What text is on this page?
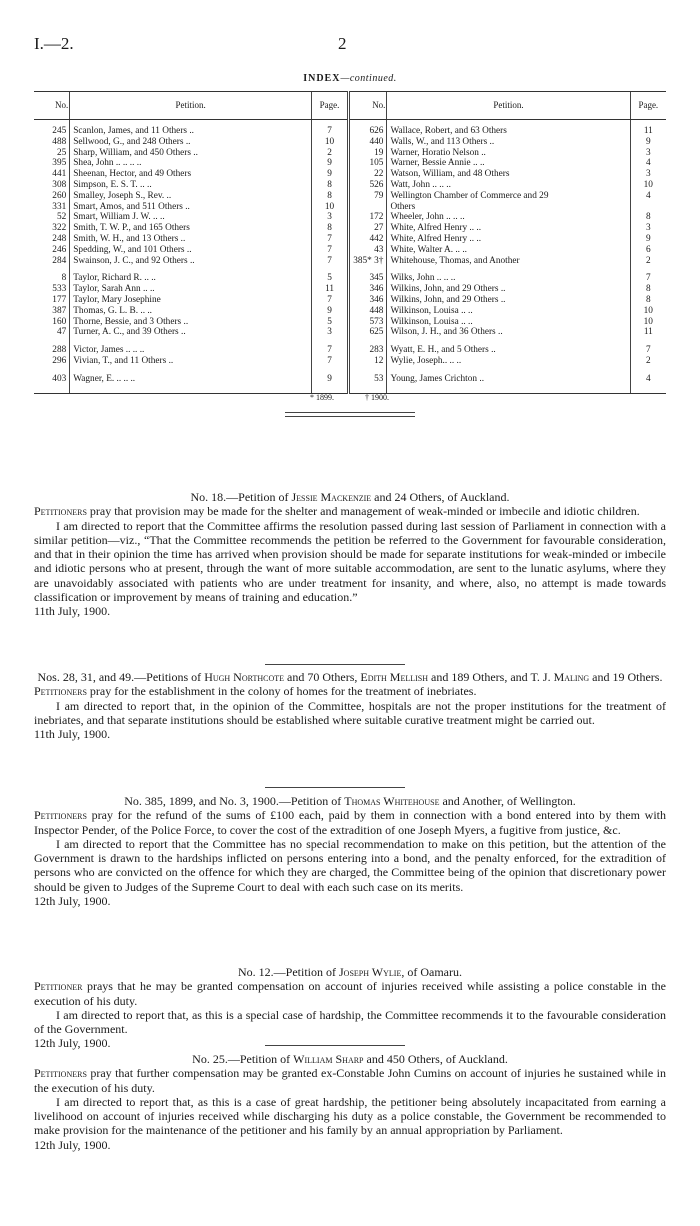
I.—2.	2
INDEX—continued.
No.	Petition.	Page.	No.	Petition.	Page.
245	Scanlon, James, and 11 Others ..	7	626	Wallace, Robert, and 63 Others	11
488	Sellwood, G., and 248 Others ..	10	440	Walls, W., and 113 Others ..	9
25	Sharp, William, and 450 Others ..	2	19	Warner, Horatio Nelson ..	3
395	Shea, John .. .. .. ..	9	105	Warner, Bessie Annie .. ..	4
441	Sheenan, Hector, and 49 Others	9	22	Watson, William, and 48 Others	3
308	Simpson, E. S. T. .. ..	8	526	Watt, John .. .. ..	10
260	Smalley, Joseph S., Rev. ..	8	79	Wellington Chamber of Commerce and 29	4
331	Smart, Amos, and 511 Others ..	10		Others	
52	Smart, William J. W. .. ..	3	172	Wheeler, John .. .. ..	8
322	Smith, T. W. P., and 165 Others	8	27	White, Alfred Henry .. ..	3
248	Smith, W. H., and 13 Others ..	7	442	White, Alfred Henry .. ..	9
246	Spedding, W., and 101 Others ..	7	43	White, Walter A. .. ..	6
284	Swainson, J. C., and 92 Others ..	7	385* 3†	Whitehouse, Thomas, and Another	2
8	Taylor, Richard R. .. ..	5	345	Wilks, John .. .. ..	7
533	Taylor, Sarah Ann .. ..	11	346	Wilkins, John, and 29 Others ..	8
177	Taylor, Mary Josephine	7	346	Wilkins, John, and 29 Others ..	8
387	Thomas, G. L. B. .. ..	9	448	Wilkinson, Louisa .. ..	10
160	Thorne, Bessie, and 3 Others ..	5	573	Wilkinson, Louisa .. ..	10
47	Turner, A. C., and 39 Others ..	3	625	Wilson, J. H., and 36 Others ..	11
288	Victor, James .. .. ..	7	283	Wyatt, E. H., and 5 Others ..	7
296	Vivian, T., and 11 Others ..	7	12	Wylie, Joseph.. .. ..	2
403	Wagner, E. .. .. ..	9	53	Young, James Crichton ..	4
* 1899.	† 1900.

No. 18.—Petition of Jessie Mackenzie and 24 Others, of Auckland.

Petitioners pray that provision may be made for the shelter and management of weak-minded or imbecile and idiotic children.

I am directed to report that the Committee affirms the resolution passed during last session of Parliament in connection with a similar petition—viz., “That the Committee recommends the petition be referred to the Government for favourable consideration, and that in their opinion the time has arrived when provision should be made for separate institutions for weak-minded or imbecile and idiotic persons who at present, through the want of more suitable accommodation, are sent to the lunatic asylums, where they are unavoidably associated with patients who are under treatment for insanity, and where, also, no attempt is made towards classification or improvement by means of training and education.”

11th July, 1900.

Nos. 28, 31, and 49.—Petitions of Hugh Northcote and 70 Others, Edith Mellish and 189 Others, and T. J. Maling and 19 Others.

Petitioners pray for the establishment in the colony of homes for the treatment of inebriates.

I am directed to report that, in the opinion of the Committee, hospitals are not the proper institutions for the treatment of inebriates, and that separate institutions should be established where suitable curative treatment might be carried out.

11th July, 1900.

No. 385, 1899, and No. 3, 1900.—Petition of Thomas Whitehouse and Another, of Wellington.

Petitioners pray for the refund of the sums of £100 each, paid by them in connection with a bond entered into by them with Inspector Pender, of the Police Force, to cover the cost of the extradition of one Joseph Myers, a fugitive from justice, &c.

I am directed to report that the Committee has no special recommendation to make on this petition, but the attention of the Government is drawn to the hardships inflicted on persons entering into a bond, and the penalty enforced, for the extradition of persons who are convicted on the offence for which they are charged, the Committee being of the opinion that discretionary power should be given to Judges of the Supreme Court to deal with each such case on its merits.

12th July, 1900.

No. 12.—Petition of Joseph Wylie, of Oamaru.

Petitioner prays that he may be granted compensation on account of injuries received while assisting a police constable in the execution of his duty.

I am directed to report that, as this is a special case of hardship, the Committee recommends it to the favourable consideration of the Government.

12th July, 1900.

No. 25.—Petition of William Sharp and 450 Others, of Auckland.

Petitioners pray that further compensation may be granted ex-Constable John Cumins on account of injuries he sustained while in the execution of his duty.

I am directed to report that, as this is a case of great hardship, the petitioner being absolutely incapacitated from earning a livelihood on account of injuries received while discharging his duty as a police constable, the Government be recommended to make provision for the maintenance of the petitioner and his family by an annual appropriation by Parliament.

12th July, 1900.
